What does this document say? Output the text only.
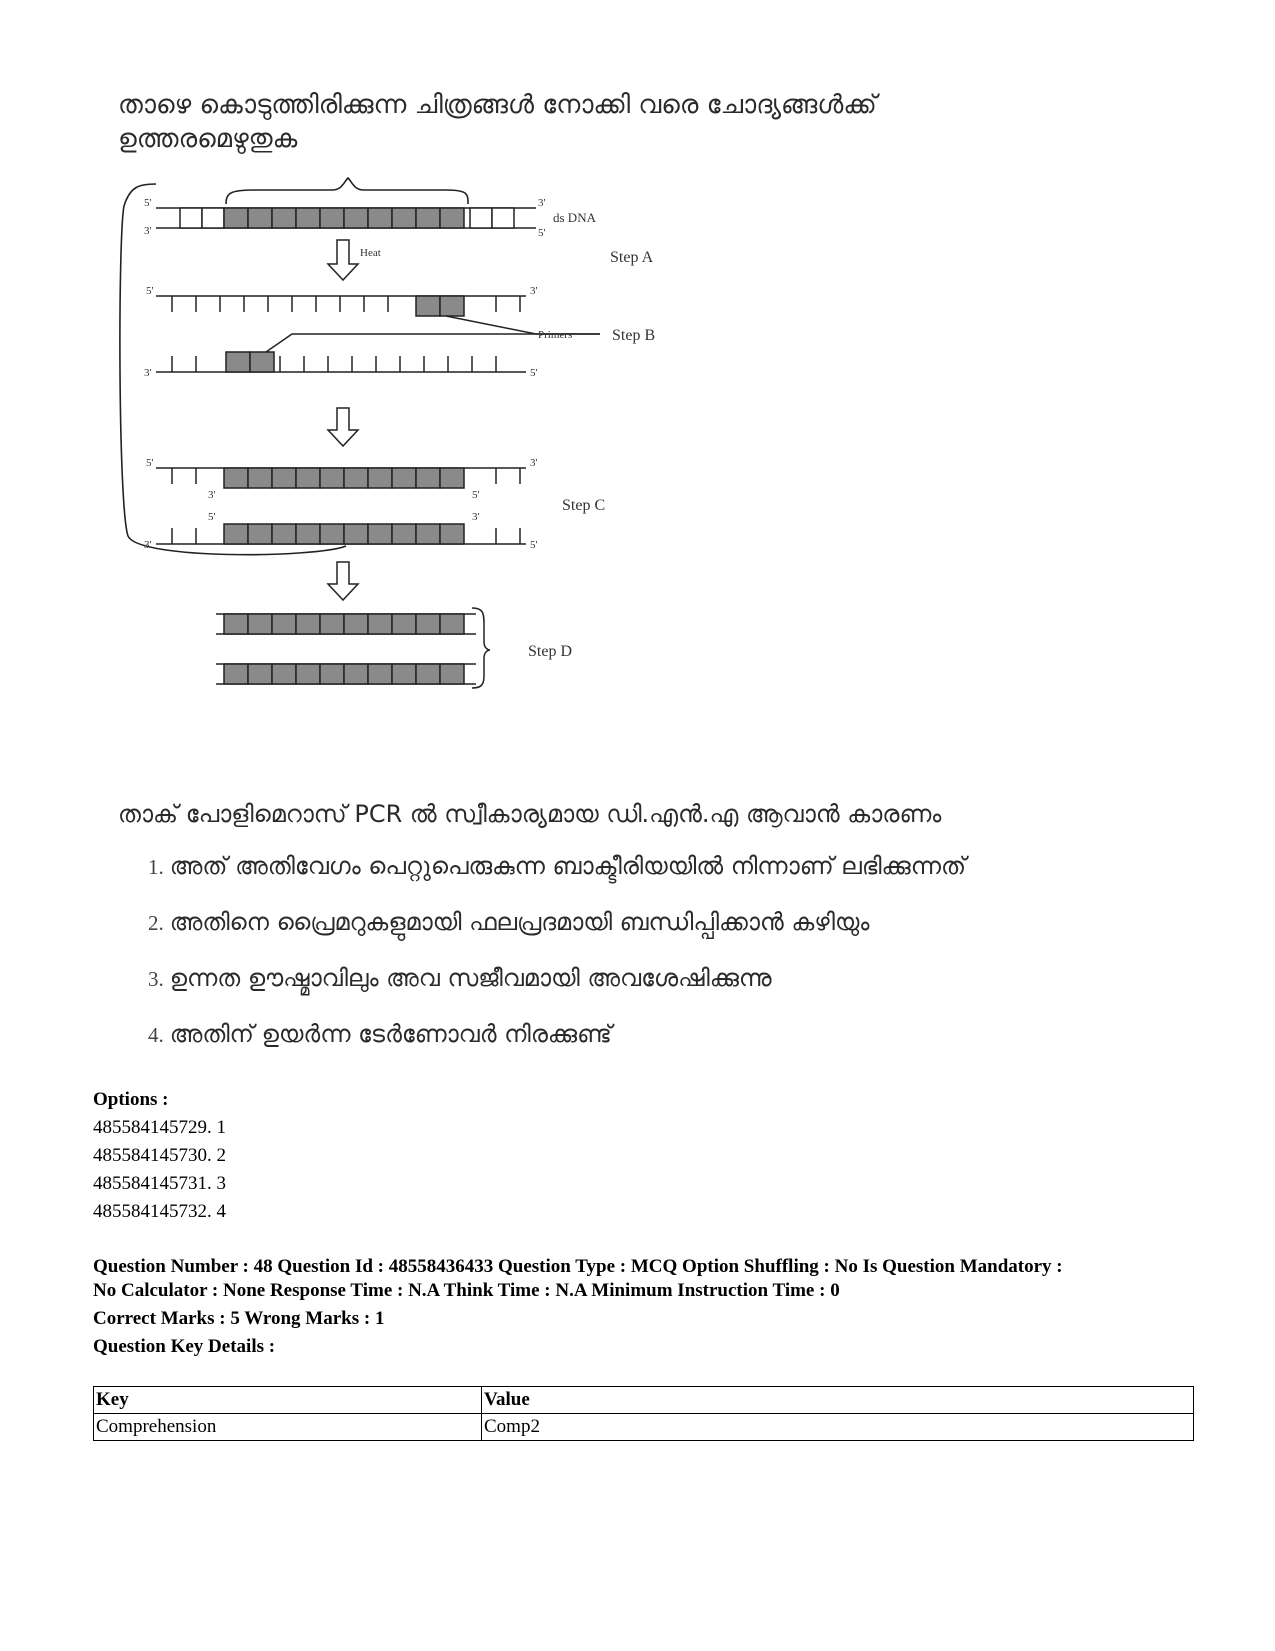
താഴെ കൊടുത്തിരിക്കുന്ന ചിത്രങ്ങൾ നോക്കി വരെ ചോദ്യങ്ങൾക്ക് ഉത്തരമെഴുതുക
5'
3'
3'
5'
ds DNA
Heat	Step A
5'	3'
3'	5'
Primers Step B
5'	3'
3'	5'
5'	3'
3'	5'
Step C
Step D
താക് പോളിമെറാസ് PCR ൽ സ്വീകാര്യമായ ഡി.എൻ.എ ആവാൻ കാരണം
1. അത് അതിവേഗം പെറ്റുപെരുകുന്ന ബാക്ടീരിയയിൽ നിന്നാണ് ലഭിക്കുന്നത്
2. അതിനെ പ്രൈമറുകളുമായി ഫലപ്രദമായി ബന്ധിപ്പിക്കാൻ കഴിയും
3. ഉന്നത ഊഷ്മാവിലും അവ സജീവമായി അവശേഷിക്കുന്നു
4. അതിന് ഉയർന്ന ടേർണോവർ നിരക്കുണ്ട്
Options :
485584145729. 1
485584145730. 2
485584145731. 3
485584145732. 4
Question Number : 48 Question Id : 48558436433 Question Type : MCQ Option Shuffling : No Is Question Mandatory :
No Calculator : None Response Time : N.A Think Time : N.A Minimum Instruction Time : 0
Correct Marks : 5 Wrong Marks : 1
Question Key Details :
Key	Value
Comprehension	Comp2
